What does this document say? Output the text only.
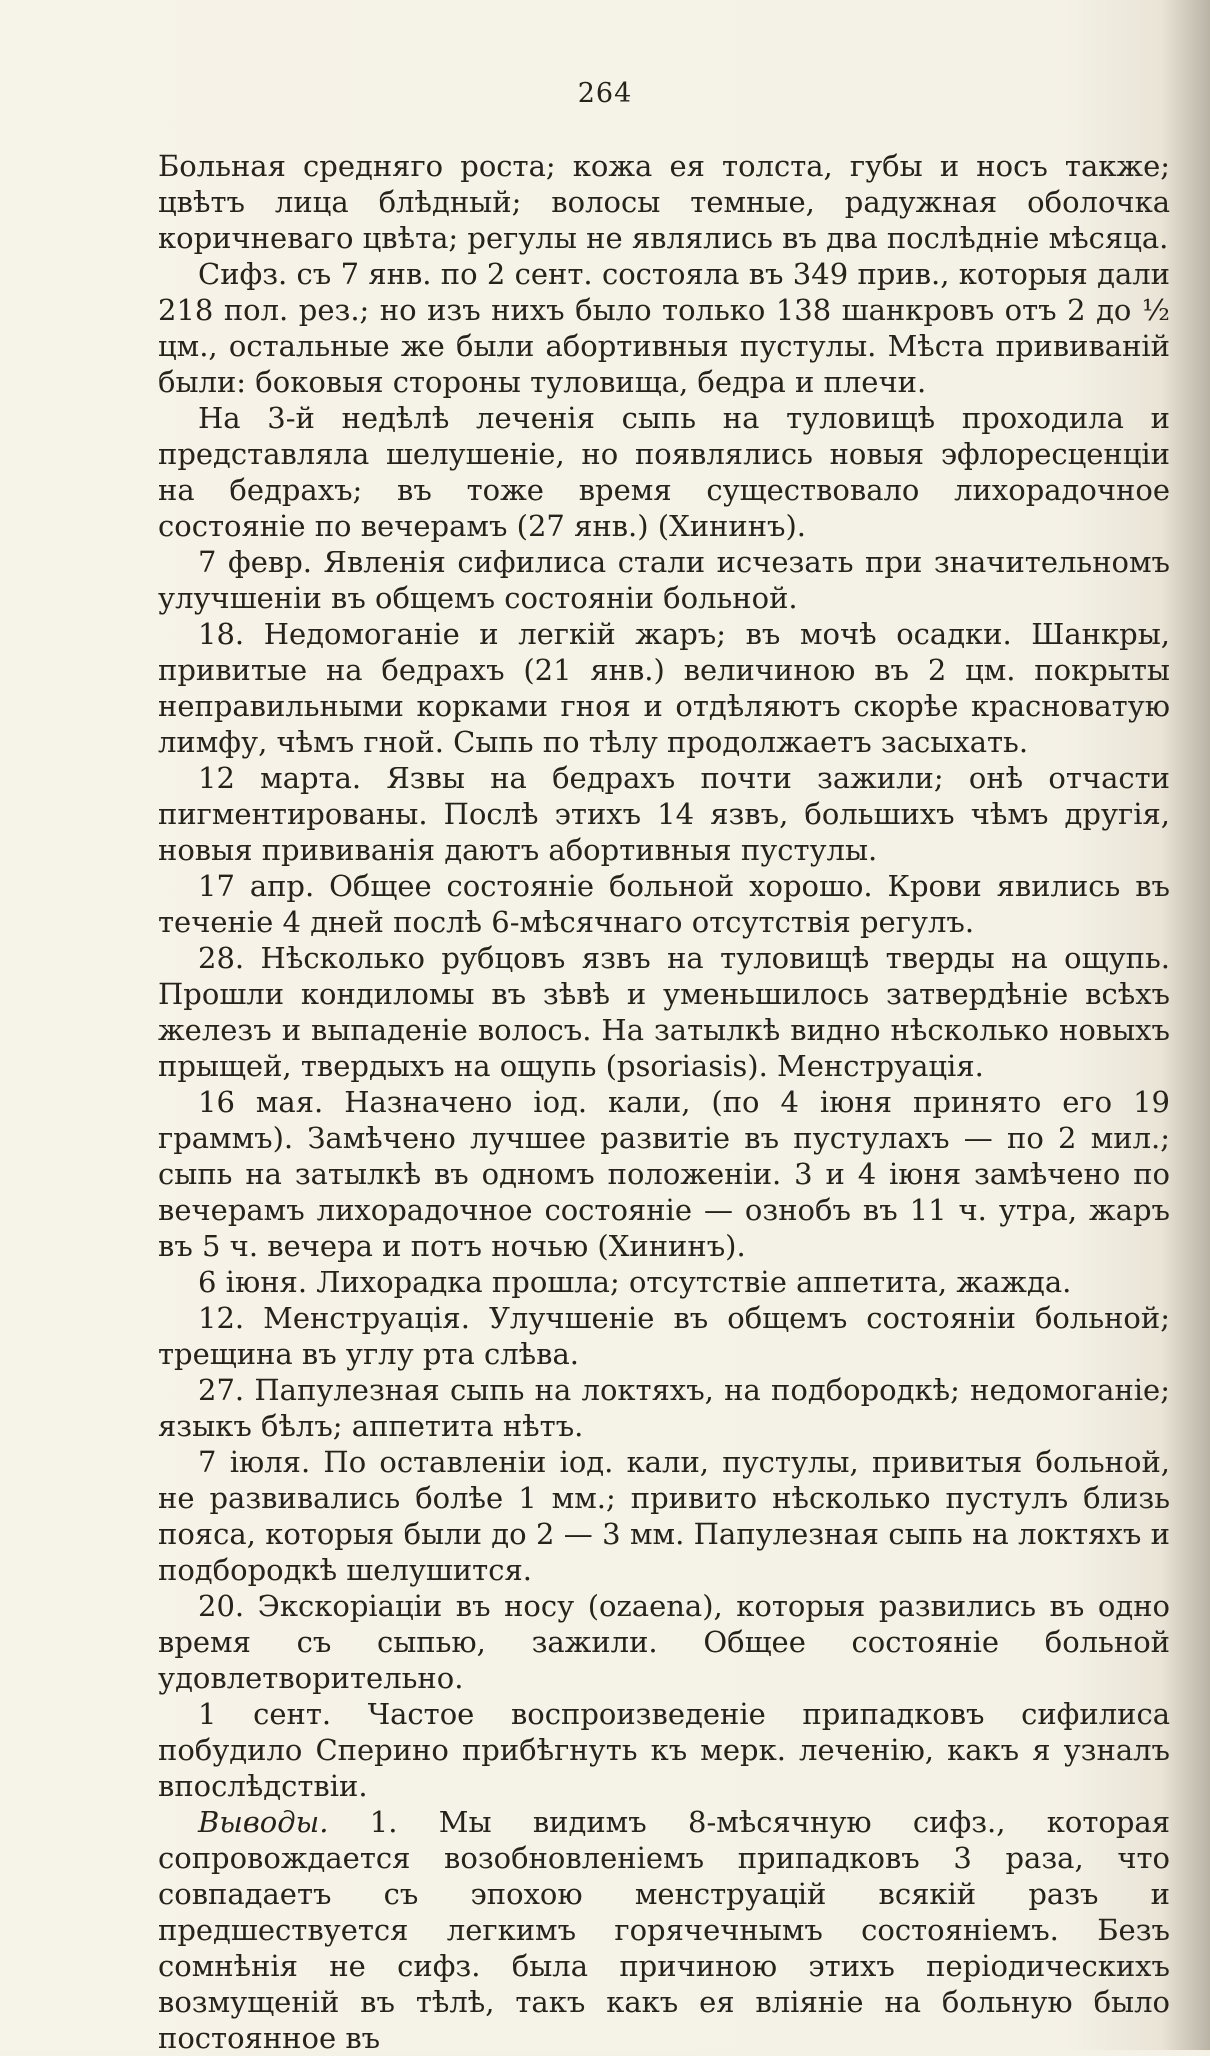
264

Больная средняго роста; кожа ея толста, губы и носъ также; цвѣтъ лица блѣдный; волосы темные, радужная оболочка коричневаго цвѣта; регулы не являлись въ два послѣдніе мѣсяца.

Сифз. съ 7 янв. по 2 сент. состояла въ 349 прив., которыя дали 218 пол. рез.; но изъ нихъ было только 138 шанкровъ отъ 2 до ½ цм., остальные же были абортивныя пустулы. Мѣста прививаній были: боковыя стороны туловища, бедра и плечи.

На 3-й недѣлѣ леченія сыпь на туловищѣ проходила и представляла шелушеніе, но появлялись новыя эфлоресценціи на бедрахъ; въ тоже время существовало лихорадочное состояніе по вечерамъ (27 янв.) (Хининъ).

7 февр. Явленія сифилиса стали исчезать при значительномъ улучшеніи въ общемъ состояніи больной.

18. Недомоганіе и легкій жаръ; въ мочѣ осадки. Шанкры, привитые на бедрахъ (21 янв.) величиною въ 2 цм. покрыты неправильными корками гноя и отдѣляютъ скорѣе красноватую лимфу, чѣмъ гной. Сыпь по тѣлу продолжаетъ засыхать.

12 марта. Язвы на бедрахъ почти зажили; онѣ отчасти пигментированы. Послѣ этихъ 14 язвъ, большихъ чѣмъ другія, новыя прививанія даютъ абортивныя пустулы.

17 апр. Общее состояніе больной хорошо. Крови явились въ теченіе 4 дней послѣ 6-мѣсячнаго отсутствія регулъ.

28. Нѣсколько рубцовъ язвъ на туловищѣ тверды на ощупь. Прошли кондиломы въ зѣвѣ и уменьшилось затвердѣніе всѣхъ железъ и выпаденіе волосъ. На затылкѣ видно нѣсколько новыхъ прыщей, твердыхъ на ощупь (psoriasis). Менструація.

16 мая. Назначено іод. кали, (по 4 іюня принято его 19 граммъ). Замѣчено лучшее развитіе въ пустулахъ — по 2 мил.; сыпь на затылкѣ въ одномъ положеніи. 3 и 4 іюня замѣчено по вечерамъ лихорадочное состояніе — ознобъ въ 11 ч. утра, жаръ въ 5 ч. вечера и потъ ночью (Хининъ).

6 іюня. Лихорадка прошла; отсутствіе аппетита, жажда.

12. Менструація. Улучшеніе въ общемъ состояніи больной; трещина въ углу рта слѣва.

27. Папулезная сыпь на локтяхъ, на подбородкѣ; недомоганіе; языкъ бѣлъ; аппетита нѣтъ.

7 іюля. По оставленіи іод. кали, пустулы, привитыя больной, не развивались болѣе 1 мм.; привито нѣсколько пустулъ близь пояса, которыя были до 2 — 3 мм. Папулезная сыпь на локтяхъ и подбородкѣ шелушится.

20. Экскоріаціи въ носу (ozaena), которыя развились въ одно время съ сыпью, зажили. Общее состояніе больной удовлетворительно.

1 сент. Частое воспроизведеніе припадковъ сифилиса побудило Сперино прибѣгнуть къ мерк. леченію, какъ я узналъ впослѣдствіи.

Выводы. 1. Мы видимъ 8-мѣсячную сифз., которая сопровождается возобновленіемъ припадковъ 3 раза, что совпадаетъ съ эпохою менструацій всякій разъ и предшествуется легкимъ горячечнымъ состояніемъ. Безъ сомнѣнія не сифз. была причиною этихъ періодическихъ возмущеній въ тѣлѣ, такъ какъ ея вліяніе на больную было постоянное въ
